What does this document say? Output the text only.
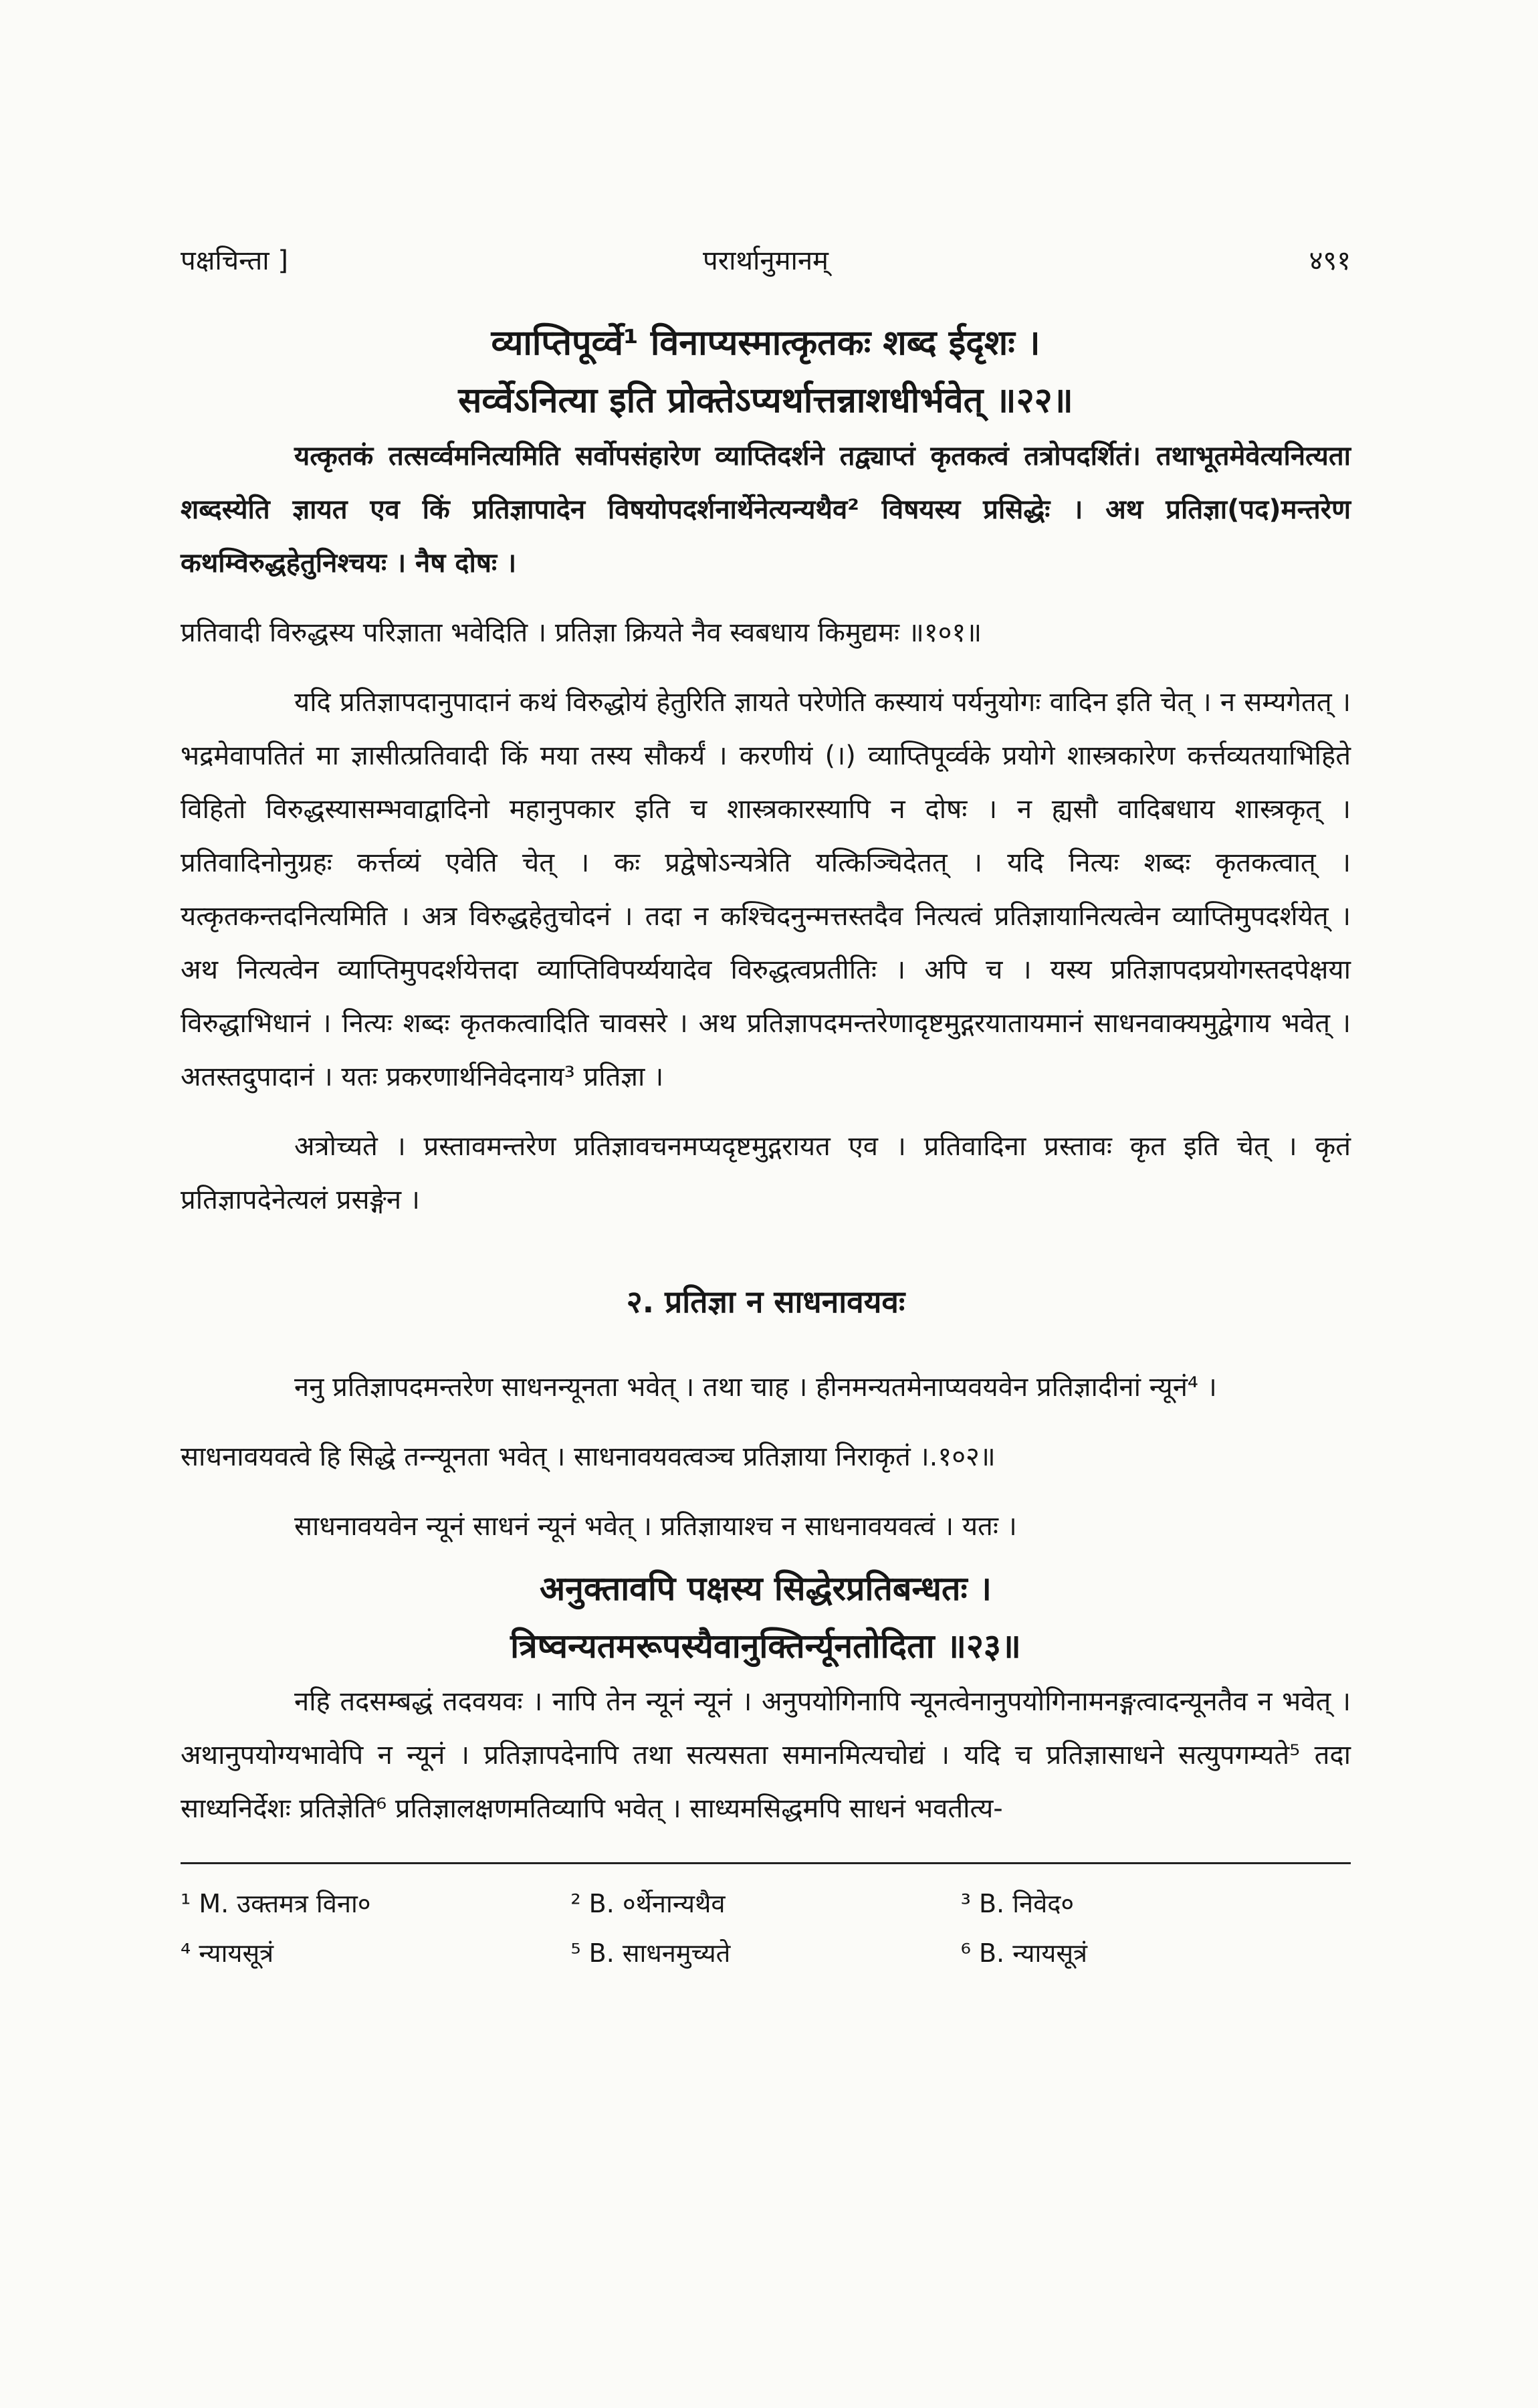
पक्षचिन्ता ]	परार्थानुमानम्	४९१
व्याप्तिपूर्व्वे¹ विनाप्यस्मात्कृतकः शब्द ईदृशः ।
सर्व्वेऽनित्या इति प्रोक्तेऽप्यर्थात्तन्नाशधीर्भवेत् ॥२२॥

यत्कृतकं तत्सर्व्वमनित्यमिति सर्वोपसंहारेण व्याप्तिदर्शने तद्व्याप्तं कृतकत्वं तत्रोपदर्शितं। तथाभूतमेवेत्यनित्यता शब्दस्येति ज्ञायत एव किं प्रतिज्ञापादेन विषयोपदर्शनार्थेनेत्यन्यथैव² विषयस्य प्रसिद्धेः । अथ प्रतिज्ञा(पद)मन्तरेण कथम्विरुद्धहेतुनिश्चयः । नैष दोषः ।

प्रतिवादी विरुद्धस्य परिज्ञाता भवेदिति । प्रतिज्ञा क्रियते नैव स्वबधाय किमुद्यमः ॥१०१॥

यदि प्रतिज्ञापदानुपादानं कथं विरुद्धोयं हेतुरिति ज्ञायते परेणेति कस्यायं पर्यनुयोगः वादिन इति चेत् । न सम्यगेतत् । भद्रमेवापतितं मा ज्ञासीत्प्रतिवादी किं मया तस्य सौकर्यं । करणीयं (।) व्याप्तिपूर्व्वके प्रयोगे शास्त्रकारेण कर्त्तव्यतयाभिहिते विहितो विरुद्धस्यासम्भवाद्वादिनो महानुपकार इति च शास्त्रकारस्यापि न दोषः । न ह्यसौ वादिबधाय शास्त्रकृत् । प्रतिवादिनोनुग्रहः कर्त्तव्यं एवेति चेत् । कः प्रद्वेषोऽन्यत्रेति यत्किञ्चिदेतत् । यदि नित्यः शब्दः कृतकत्वात् । यत्कृतकन्तदनित्यमिति । अत्र विरुद्धहेतुचोदनं । तदा न कश्चिदनुन्मत्तस्तदैव नित्यत्वं प्रतिज्ञायानित्यत्वेन व्याप्तिमुपदर्शयेत् । अथ नित्यत्वेन व्याप्तिमुपदर्शयेत्तदा व्याप्तिविपर्य्ययादेव विरुद्धत्वप्रतीतिः । अपि च । यस्य प्रतिज्ञापदप्रयोगस्तदपेक्षया विरुद्धाभिधानं । नित्यः शब्दः कृतकत्वादिति चावसरे । अथ प्रतिज्ञापदमन्तरेणादृष्टमुद्गरयातायमानं साधनवाक्यमुद्वेगाय भवेत् । अतस्तदुपादानं । यतः प्रकरणार्थनिवेदनाय³ प्रतिज्ञा ।

अत्रोच्यते । प्रस्तावमन्तरेण प्रतिज्ञावचनमप्यदृष्टमुद्गरायत एव । प्रतिवादिना प्रस्तावः कृत इति चेत् । कृतं प्रतिज्ञापदेनेत्यलं प्रसङ्गेन ।

२. प्रतिज्ञा न साधनावयवः

ननु प्रतिज्ञापदमन्तरेण साधनन्यूनता भवेत् । तथा चाह । हीनमन्यतमेनाप्यवयवेन प्रतिज्ञादीनां न्यूनं⁴ ।

साधनावयवत्वे हि सिद्धे तन्न्यूनता भवेत् । साधनावयवत्वञ्च प्रतिज्ञाया निराकृतं ।.१०२॥

साधनावयवेन न्यूनं साधनं न्यूनं भवेत् । प्रतिज्ञायाश्च न साधनावयवत्वं । यतः ।

अनुक्तावपि पक्षस्य सिद्धेरप्रतिबन्धतः ।
त्रिष्वन्यतमरूपस्यैवानुक्तिर्न्यूनतोदिता ॥२३॥

नहि तदसम्बद्धं तदवयवः । नापि तेन न्यूनं न्यूनं । अनुपयोगिनापि न्यूनत्वेनानुपयोगिनामनङ्गत्वादन्यूनतैव न भवेत् । अथानुपयोग्यभावेपि न न्यूनं । प्रतिज्ञापदेनापि तथा सत्यसता समानमित्यचोद्यं । यदि च प्रतिज्ञासाधने सत्युपगम्यते⁵ तदा साध्यनिर्देशः प्रतिज्ञेति⁶ प्रतिज्ञालक्षणमतिव्यापि भवेत् । साध्यमसिद्धमपि साधनं भवतीत्य-

¹ M. उक्तमत्र विना०	² B. ०र्थेनान्यथैव	³ B. निवेद०
⁴ न्यायसूत्रं	⁵ B. साधनमुच्यते	⁶ B. न्यायसूत्रं
